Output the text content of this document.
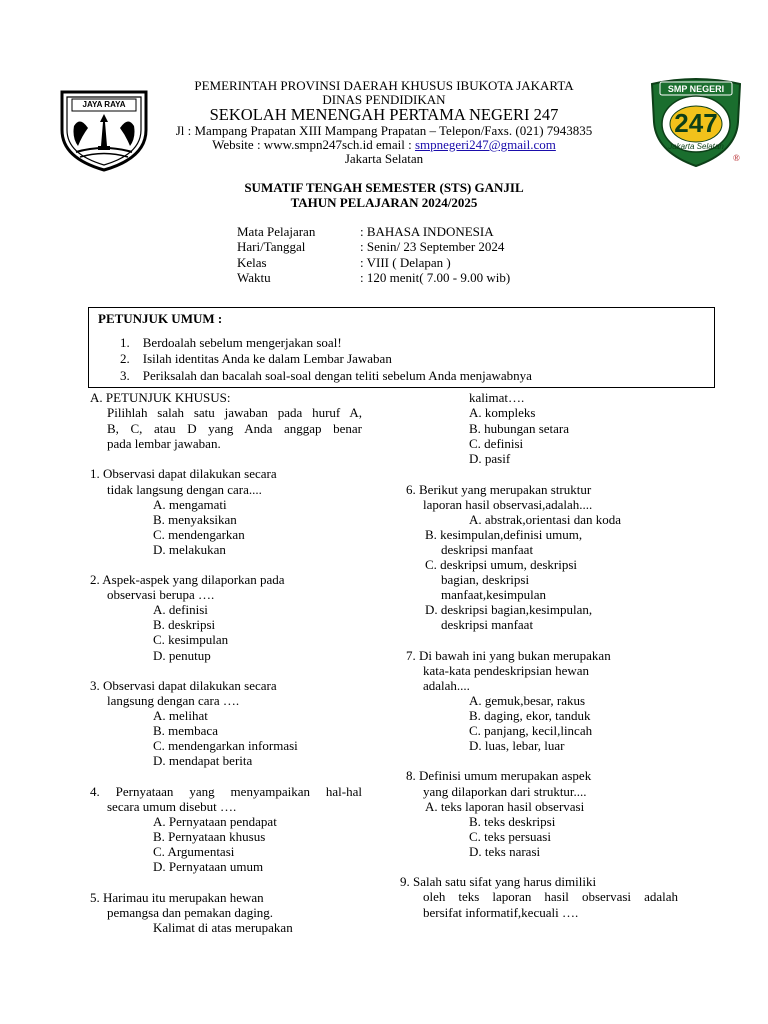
JAYA RAYA
PEMERINTAH PROVINSI DAERAH KHUSUS IBUKOTA JAKARTA
DINAS PENDIDIKAN
SEKOLAH MENENGAH PERTAMA NEGERI 247
Jl : Mampang Prapatan XIII Mampang Prapatan – Telepon/Faxs. (021) 7943835
Website : www.smpn247sch.id email : smpnegeri247@gmail.com
Jakarta Selatan
SMP NEGERI
247
Jakarta Selatan
®
SUMATIF TENGAH SEMESTER (STS) GANJIL
TAHUN PELAJARAN 2024/2025
Mata Pelajaran	: BAHASA INDONESIA
Hari/Tanggal	: Senin/ 23 September 2024
Kelas	: VIII ( Delapan )
Waktu	: 120 menit( 7.00 - 9.00 wib)
PETUNJUK UMUM :
1. Berdoalah sebelum mengerjakan soal!
2. Isilah identitas Anda ke dalam Lembar Jawaban
3. Periksalah dan bacalah soal-soal dengan teliti sebelum Anda menjawabnya
A. PETUNJUK KHUSUS:
Pilihlah salah satu jawaban pada huruf A,
B, C, atau D yang Anda anggap benar
pada lembar jawaban.
1. Observasi dapat dilakukan secara
tidak langsung dengan cara....
A. mengamati
B. menyaksikan
C. mendengarkan
D. melakukan
2. Aspek-aspek yang dilaporkan pada
observasi berupa ….
A. definisi
B. deskripsi
C. kesimpulan
D. penutup
3. Observasi dapat dilakukan secara
langsung dengan cara ….
A. melihat
B. membaca
C. mendengarkan informasi
D. mendapat berita
4. Pernyataan yang menyampaikan hal-hal
secara umum disebut ….
A. Pernyataan pendapat
B. Pernyataan khusus
C. Argumentasi
D. Pernyataan umum
5. Harimau itu merupakan hewan
pemangsa dan pemakan daging.
Kalimat di atas merupakan
kalimat….
A. kompleks
B. hubungan setara
C. definisi
D. pasif
6. Berikut yang merupakan struktur
laporan hasil observasi,adalah....
A. abstrak,orientasi dan koda
B. kesimpulan,definisi umum,
deskripsi manfaat
C. deskripsi umum, deskripsi
bagian, deskripsi
manfaat,kesimpulan
D. deskripsi bagian,kesimpulan,
deskripsi manfaat
7. Di bawah ini yang bukan merupakan
kata-kata pendeskripsian hewan
adalah....
A. gemuk,besar, rakus
B. daging, ekor, tanduk
C. panjang, kecil,lincah
D. luas, lebar, luar
8. Definisi umum merupakan aspek
yang dilaporkan dari struktur....
A. teks laporan hasil observasi
B. teks deskripsi
C. teks persuasi
D. teks narasi
9. Salah satu sifat yang harus dimiliki
oleh teks laporan hasil observasi adalah
bersifat informatif,kecuali ….
